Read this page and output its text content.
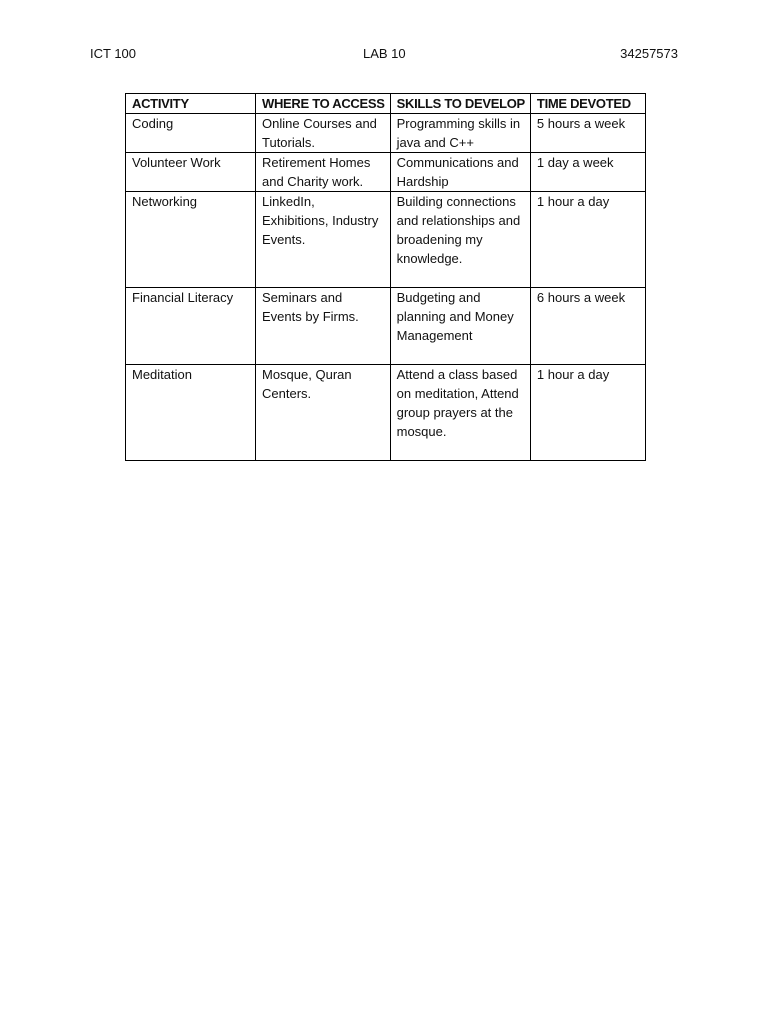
ICT 100	LAB 10	34257573
ACTIVITY	WHERE TO ACCESS	SKILLS TO DEVELOP	TIME DEVOTED
Coding	Online Courses and Tutorials.	Programming skills in java and C++	5 hours a week
Volunteer Work	Retirement Homes and Charity work.	Communications and Hardship	1 day a week
Networking	LinkedIn, Exhibitions, Industry Events.	Building connections and relationships and broadening my knowledge.	1 hour a day
Financial Literacy	Seminars and Events by Firms.	Budgeting and planning and Money Management	6 hours a week
Meditation	Mosque, Quran Centers.	Attend a class based on meditation, Attend group prayers at the mosque.	1 hour a day
